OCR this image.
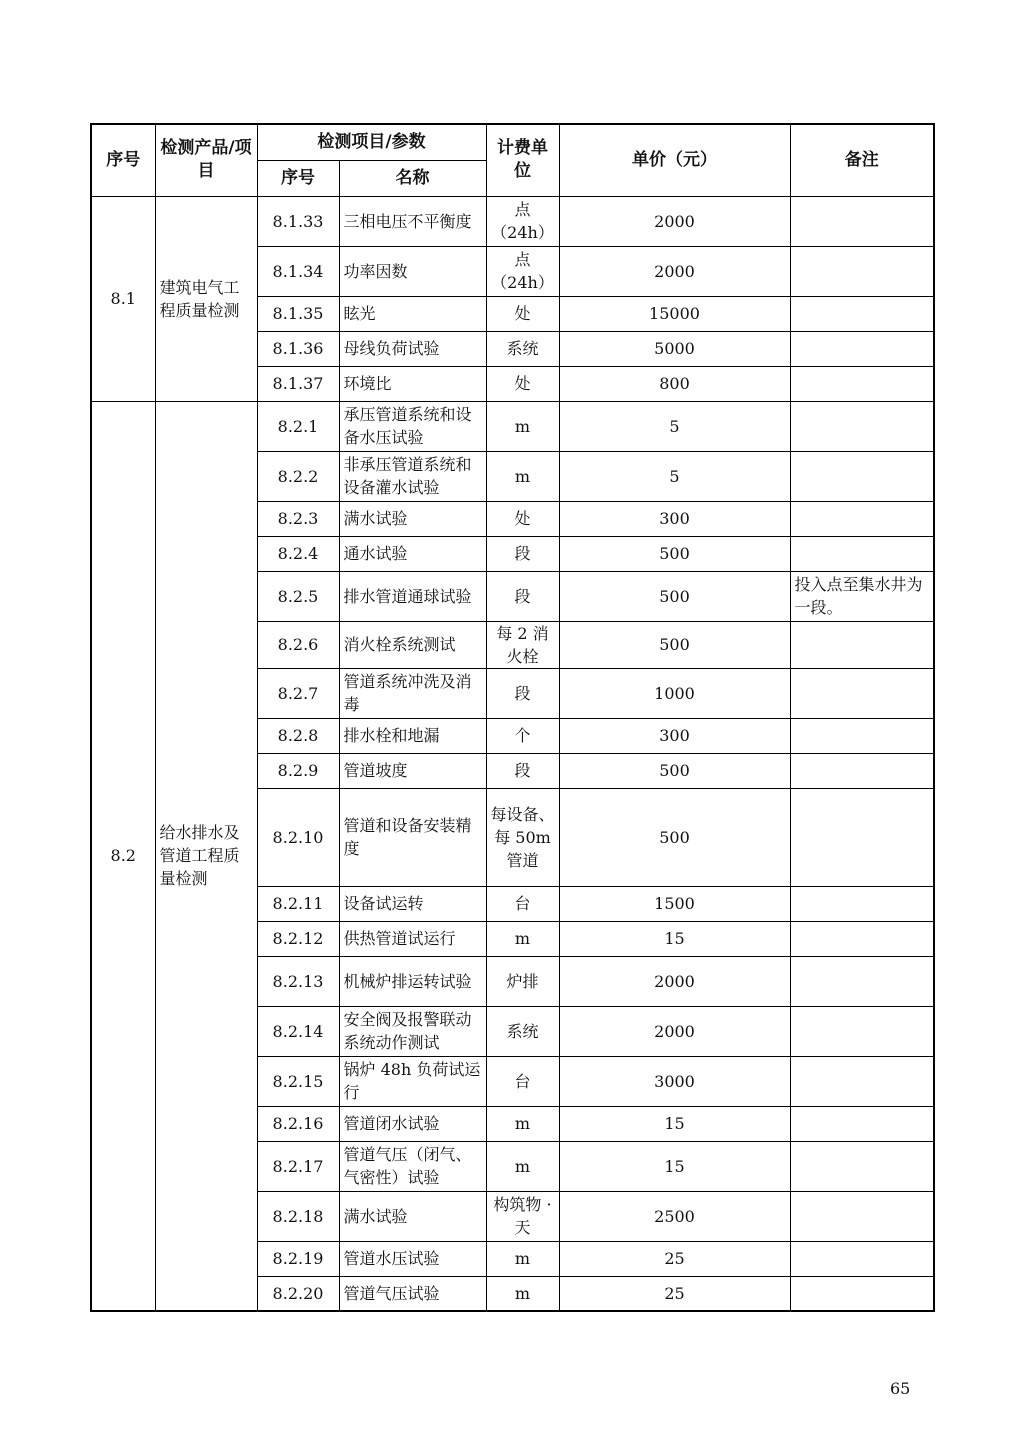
序号	检测产品/项目	检测项目/参数		计费单位	单价（元）	备注
		序号	名称			
8.1	建筑电气工程质量检测	8.1.33	三相电压不平衡度	点（24h）	2000	
		8.1.34	功率因数	点（24h）	2000	
		8.1.35	眩光	处	15000	
		8.1.36	母线负荷试验	系统	5000	
		8.1.37	环境比	处	800	
8.2	给水排水及管道工程质量检测	8.2.1	承压管道系统和设备水压试验	m	5	
		8.2.2	非承压管道系统和设备灌水试验	m	5	
		8.2.3	满水试验	处	300	
		8.2.4	通水试验	段	500	
		8.2.5	排水管道通球试验	段	500	投入点至集水井为一段。
		8.2.6	消火栓系统测试	每 2 消火栓	500	
		8.2.7	管道系统冲洗及消毒	段	1000	
		8.2.8	排水栓和地漏	个	300	
		8.2.9	管道坡度	段	500	
		8.2.10	管道和设备安装精度	每设备、每 50m 管道	500	
		8.2.11	设备试运转	台	1500	
		8.2.12	供热管道试运行	m	15	
		8.2.13	机械炉排运转试验	炉排	2000	
		8.2.14	安全阀及报警联动系统动作测试	系统	2000	
		8.2.15	锅炉 48h 负荷试运行	台	3000	
		8.2.16	管道闭水试验	m	15	
		8.2.17	管道气压（闭气、气密性）试验	m	15	
		8.2.18	满水试验	构筑物 · 天	2500	
		8.2.19	管道水压试验	m	25	
		8.2.20	管道气压试验	m	25	
65
